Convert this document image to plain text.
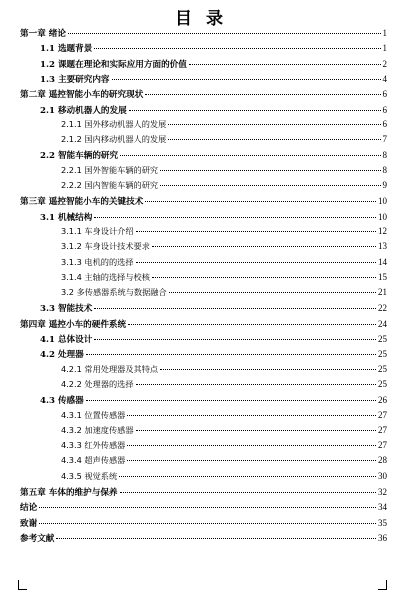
目 录
第一章 绪论	1
1.1 选题背景	1
1.2 课题在理论和实际应用方面的价值	2
1.3 主要研究内容	4
第二章 遥控智能小车的研究现状	6
2.1 移动机器人的发展	6
2.1.1 国外移动机器人的发展	6
2.1.2 国内移动机器人的发展	7
2.2 智能车辆的研究	8
2.2.1 国外智能车辆的研究	8
2.2.2 国内智能车辆的研究	9
第三章 遥控智能小车的关键技术	10
3.1 机械结构	10
3.1.1 车身设计介绍	12
3.1.2 车身设计技术要求	13
3.1.3 电机的的选择	14
3.1.4 主轴的选择与校核	15
3.2 多传感器系统与数据融合	21
3.3 智能技术	22
第四章 遥控小车的硬件系统	24
4.1 总体设计	25
4.2 处理器	25
4.2.1 常用处理器及其特点	25
4.2.2 处理器的选择	25
4.3 传感器	26
4.3.1 位置传感器	27
4.3.2 加速度传感器	27
4.3.3 红外传感器	27
4.3.4 超声传感器	28
4.3.5 视觉系统	30
第五章 车体的维护与保养	32
结论	34
致谢	35
参考文献	36
